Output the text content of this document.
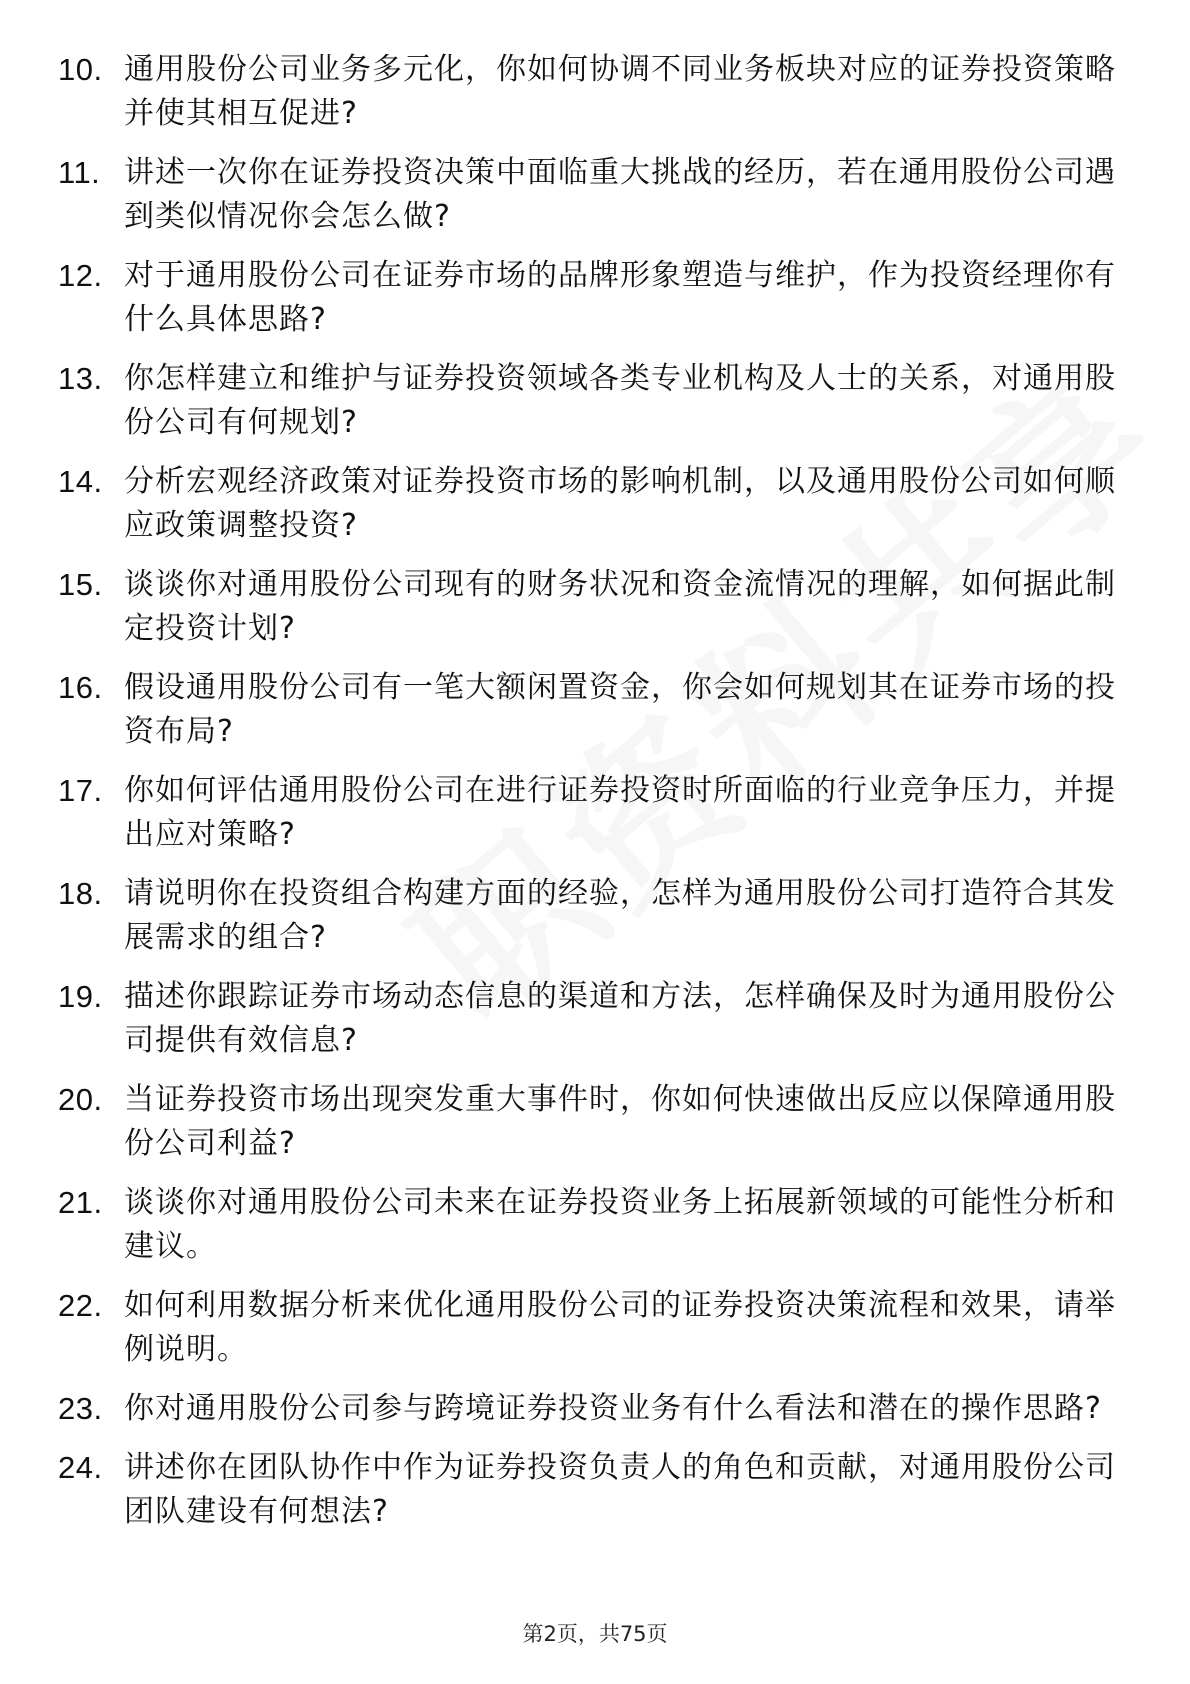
10. 通用股份公司业务多元化，你如何协调不同业务板块对应的证券投资策略并使其相互促进?
11. 讲述一次你在证券投资决策中面临重大挑战的经历，若在通用股份公司遇到类似情况你会怎么做?
12. 对于通用股份公司在证券市场的品牌形象塑造与维护，作为投资经理你有什么具体思路?
13. 你怎样建立和维护与证券投资领域各类专业机构及人士的关系，对通用股份公司有何规划?
14. 分析宏观经济政策对证券投资市场的影响机制，以及通用股份公司如何顺应政策调整投资?
15. 谈谈你对通用股份公司现有的财务状况和资金流情况的理解，如何据此制定投资计划?
16. 假设通用股份公司有一笔大额闲置资金，你会如何规划其在证券市场的投资布局?
17. 你如何评估通用股份公司在进行证券投资时所面临的行业竞争压力，并提出应对策略?
18. 请说明你在投资组合构建方面的经验，怎样为通用股份公司打造符合其发展需求的组合?
19. 描述你跟踪证券市场动态信息的渠道和方法，怎样确保及时为通用股份公司提供有效信息?
20. 当证券投资市场出现突发重大事件时，你如何快速做出反应以保障通用股份公司利益?
21. 谈谈你对通用股份公司未来在证券投资业务上拓展新领域的可能性分析和建议。
22. 如何利用数据分析来优化通用股份公司的证券投资决策流程和效果，请举例说明。
23. 你对通用股份公司参与跨境证券投资业务有什么看法和潜在的操作思路?
24. 讲述你在团队协作中作为证券投资负责人的角色和贡献，对通用股份公司团队建设有何想法?
第2页，共75页
